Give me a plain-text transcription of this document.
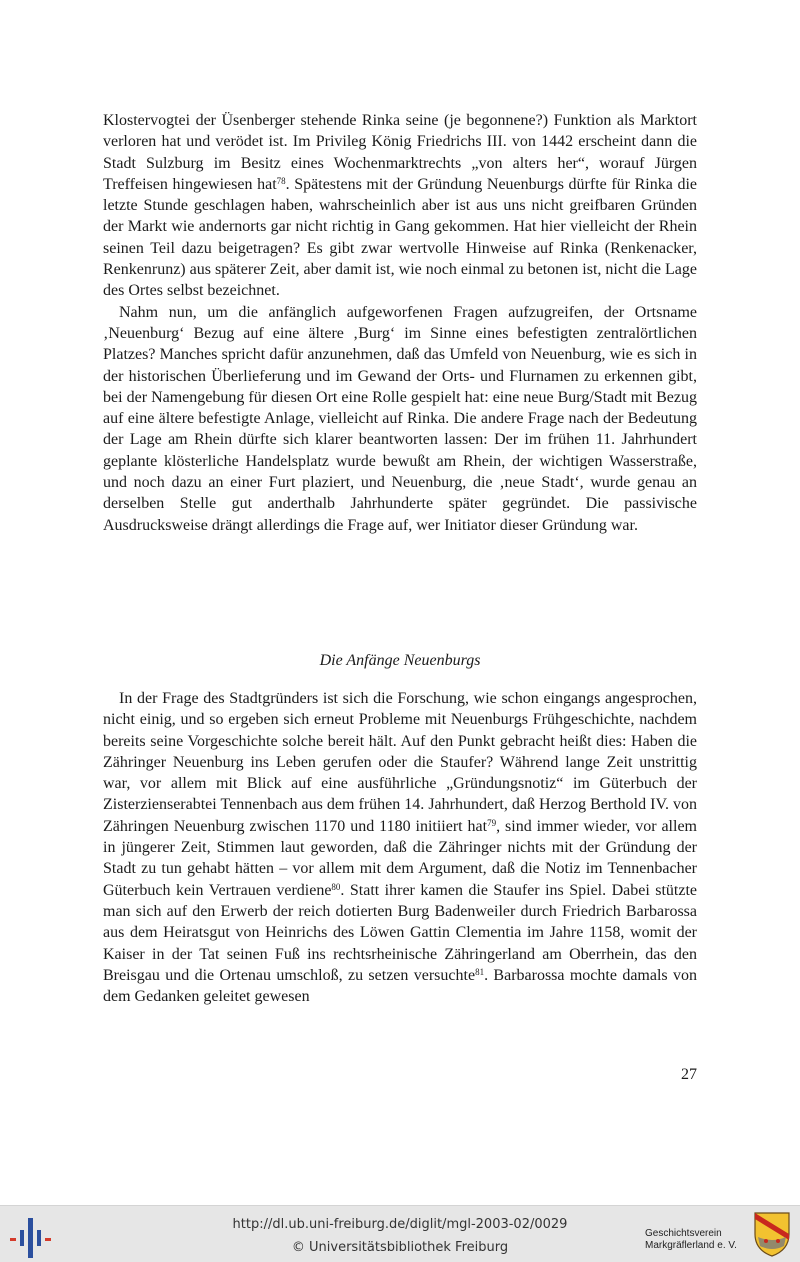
Klostervogtei der Üsenberger stehende Rinka seine (je begonnene?) Funktion als Marktort verloren hat und verödet ist. Im Privileg König Friedrichs III. von 1442 erscheint dann die Stadt Sulzburg im Besitz eines Wochenmarktrechts „von alters her“, worauf Jürgen Treffeisen hingewiesen hat$^{78}$. Spätestens mit der Gründung Neuenburgs dürfte für Rinka die letzte Stunde geschlagen haben, wahrscheinlich aber ist aus uns nicht greifbaren Gründen der Markt wie andernorts gar nicht richtig in Gang gekommen. Hat hier vielleicht der Rhein seinen Teil dazu beigetragen? Es gibt zwar wertvolle Hinweise auf Rinka (Renkenacker, Renkenrunz) aus späterer Zeit, aber damit ist, wie noch einmal zu betonen ist, nicht die Lage des Ortes selbst bezeichnet.

Nahm nun, um die anfänglich aufgeworfenen Fragen aufzugreifen, der Ortsname ‚Neuenburg‘ Bezug auf eine ältere ‚Burg‘ im Sinne eines befestigten zentralörtlichen Platzes? Manches spricht dafür anzunehmen, daß das Umfeld von Neuenburg, wie es sich in der historischen Überlieferung und im Gewand der Orts- und Flurnamen zu erkennen gibt, bei der Namengebung für diesen Ort eine Rolle gespielt hat: eine neue Burg/Stadt mit Bezug auf eine ältere befestigte Anlage, vielleicht auf Rinka. Die andere Frage nach der Bedeutung der Lage am Rhein dürfte sich klarer beantworten lassen: Der im frühen 11. Jahrhundert geplante klösterliche Handelsplatz wurde bewußt am Rhein, der wichtigen Wasserstraße, und noch dazu an einer Furt plaziert, und Neuenburg, die ‚neue Stadt‘, wurde genau an derselben Stelle gut anderthalb Jahrhunderte später gegründet. Die passivische Ausdrucksweise drängt allerdings die Frage auf, wer Initiator dieser Gründung war.

Die Anfänge Neuenburgs

In der Frage des Stadtgründers ist sich die Forschung, wie schon eingangs angesprochen, nicht einig, und so ergeben sich erneut Probleme mit Neuenburgs Frühgeschichte, nachdem bereits seine Vorgeschichte solche bereit hält. Auf den Punkt gebracht heißt dies: Haben die Zähringer Neuenburg ins Leben gerufen oder die Staufer? Während lange Zeit unstrittig war, vor allem mit Blick auf eine ausführliche „Gründungsnotiz“ im Güterbuch der Zisterzienserabtei Tennenbach aus dem frühen 14. Jahrhundert, daß Herzog Berthold IV. von Zähringen Neuenburg zwischen 1170 und 1180 initiiert hat$^{79}$, sind immer wieder, vor allem in jüngerer Zeit, Stimmen laut geworden, daß die Zähringer nichts mit der Gründung der Stadt zu tun gehabt hätten – vor allem mit dem Argument, daß die Notiz im Tennenbacher Güterbuch kein Vertrauen verdiene$^{80}$. Statt ihrer kamen die Staufer ins Spiel. Dabei stützte man sich auf den Erwerb der reich dotierten Burg Badenweiler durch Friedrich Barbarossa aus dem Heiratsgut von Heinrichs des Löwen Gattin Clementia im Jahre 1158, womit der Kaiser in der Tat seinen Fuß ins rechtsrheinische Zähringerland am Oberrhein, das den Breisgau und die Ortenau umschloß, zu setzen versuchte$^{81}$. Barbarossa mochte damals von dem Gedanken geleitet gewesen

27
http://dl.ub.uni-freiburg.de/diglit/mgl-2003-02/0029
© Universitätsbibliothek Freiburg
Geschichtsverein
Markgräflerland e. V.
